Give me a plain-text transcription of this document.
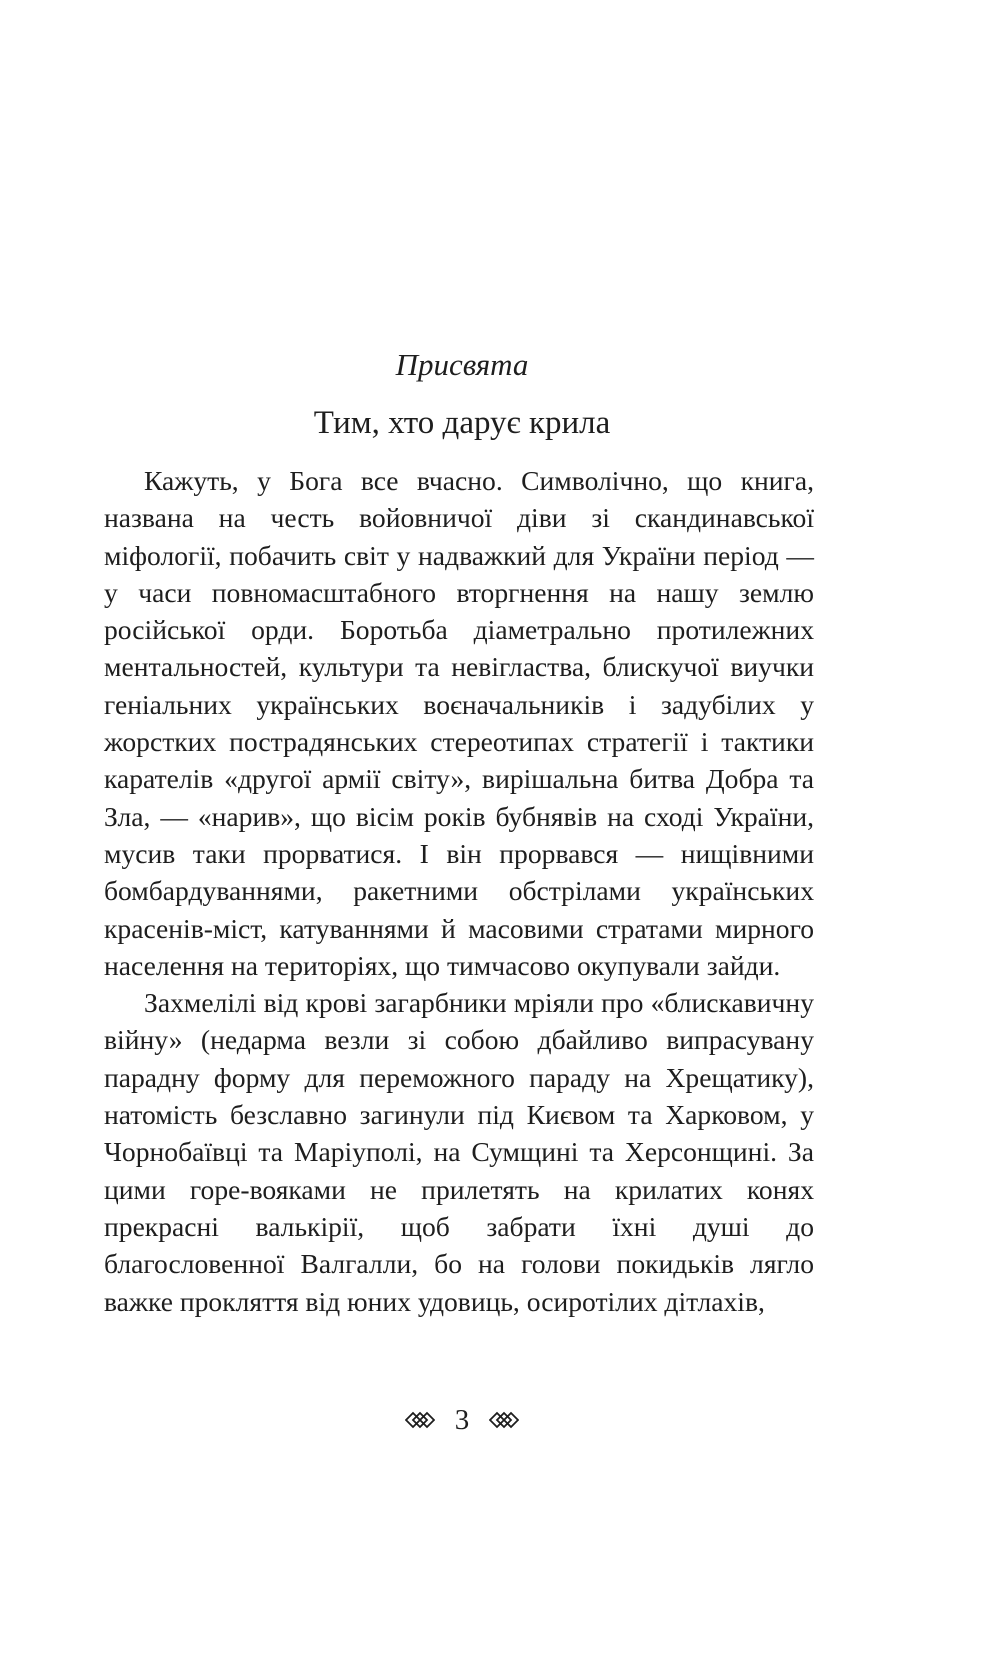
Присвята
Тим, хто дарує крила

Кажуть, у Бога все вчасно. Символічно, що книга, названа на честь войовничої діви зі скандинавської міфології, побачить світ у надважкий для України період — у часи повномасштабного вторгнення на нашу землю російської орди. Боротьба діаметрально протилежних ментальностей, культури та невігластва, блискучої виучки геніальних українських воєначальників і задубілих у жорстких пострадянських стереотипах стратегії і тактики карателів «другої армії світу», вирішальна битва Добра та Зла, — «нарив», що вісім років бубнявів на сході України, мусив таки прорватися. І він прорвався — нищівними бомбардуваннями, ракетними обстрілами українських красенів-міст, катуваннями й масовими стратами мирного населення на територіях, що тимчасово окупували зайди.

Захмелілі від крові загарбники мріяли про «блискавичну війну» (недарма везли зі собою дбайливо випрасувану парадну форму для переможного параду на Хрещатику), натомість безславно загинули під Києвом та Харковом, у Чорнобаївці та Маріуполі, на Сумщині та Херсонщині. За цими горе-вояками не прилетять на крилатих конях прекрасні валькірії, щоб забрати їхні душі до благословенної Валгалли, бо на голови покидьків лягло важке прокляття від юних удовиць, осиротілих дітлахів,

3
